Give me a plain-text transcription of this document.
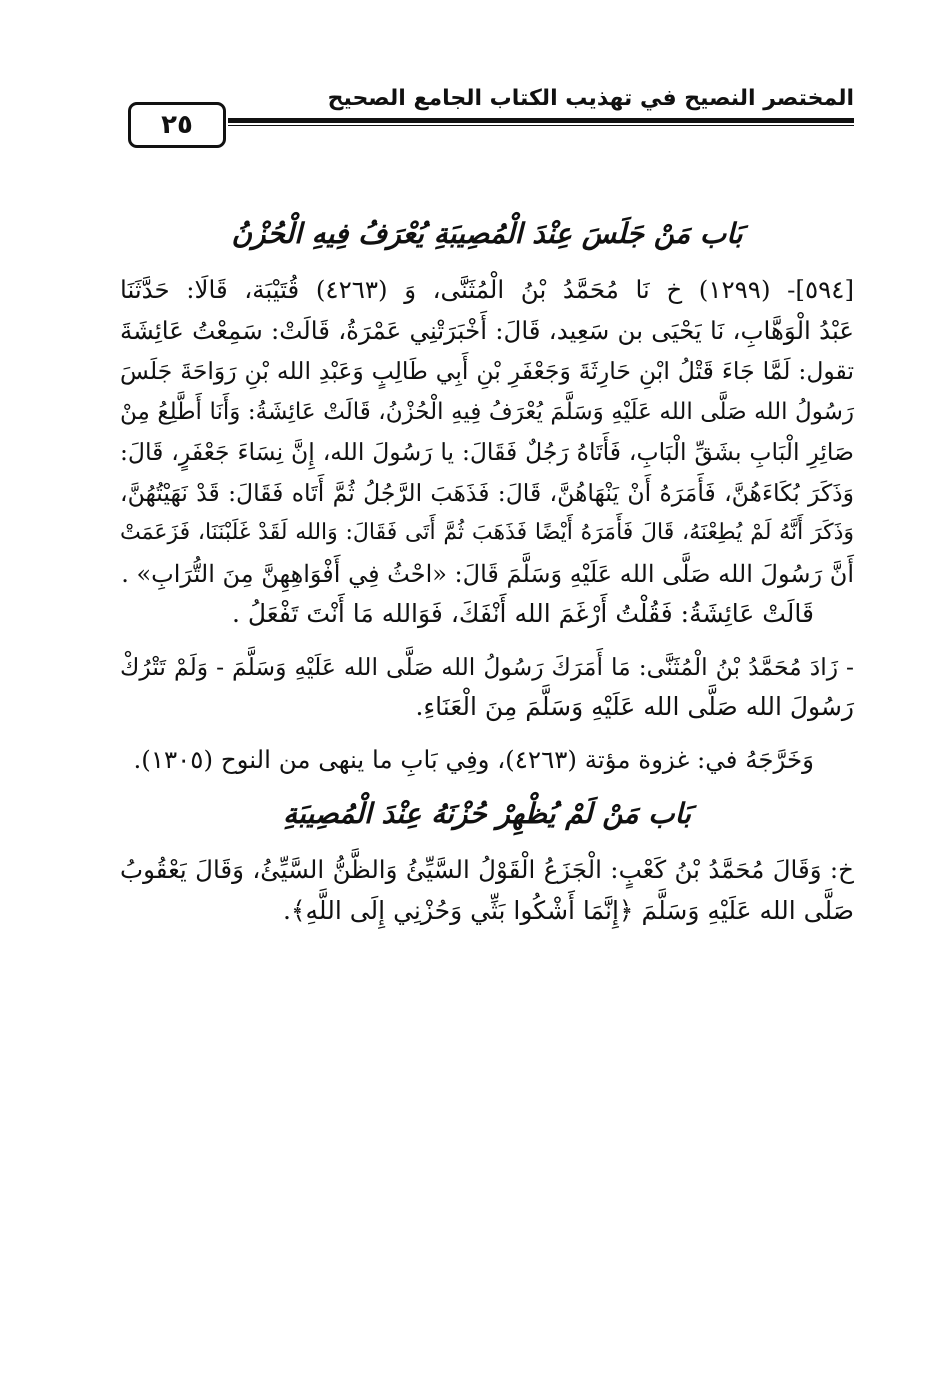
المختصر النصيح في تهذيب الكتاب الجامع الصحيح
٢٥
بَاب مَنْ جَلَسَ عِنْدَ الْمُصِيبَةِ يُعْرَفُ فِيهِ الْحُزْنُ
[٥٩٤]- (١٢٩٩) خ نَا مُحَمَّدُ بْنُ الْمُثَنَّى، وَ (٤٢٦٣) قُتَيْبَة، قَالَا: حَدَّثَنَا
عَبْدُ الْوَهَّابِ، نَا يَحْيَى بن سَعِيد، قَالَ: أَخْبَرَتْنِي عَمْرَةُ، قَالَتْ: سَمِعْتُ عَائِشَةَ
تقول: لَمَّا جَاءَ قَتْلُ ابْنِ حَارِثَةَ وَجَعْفَرِ بْنِ أَبِي طَالِبٍ وَعَبْدِ الله بْنِ رَوَاحَةَ جَلَسَ
رَسُولُ الله صَلَّى الله عَلَيْهِ وَسَلَّمَ يُعْرَفُ فِيهِ الْحُزْنُ، قَالَتْ عَائِشَةُ: وَأَنَا أَطَّلِعُ مِنْ
صَائِرِ الْبَابِ بشَقِّ الْبَابِ، فَأَتَاهُ رَجُلٌ فَقَالَ: يا رَسُولَ الله، إِنَّ نِسَاءَ جَعْفَرٍ، قَالَ:
وَذَكَرَ بُكَاءَهُنَّ، فَأَمَرَهُ أَنْ يَنْهَاهُنَّ، قَالَ: فَذَهَبَ الرَّجُلُ ثُمَّ أَتَاه فَقَالَ: قَدْ نَهَيْتُهُنَّ،
وَذَكَرَ أَنَّهُ لَمْ يُطِعْنَهُ، قَالَ فَأَمَرَهُ أَيْضًا فَذَهَبَ ثُمَّ أَتَى فَقَالَ: وَالله لَقَدْ غَلَبْنَنَا، فَزَعَمَتْ
أَنَّ رَسُولَ الله صَلَّى الله عَلَيْهِ وَسَلَّمَ قَالَ: «احْثُ فِي أَفْوَاهِهِنَّ مِنَ التُّرَابِ» .
قَالَتْ عَائِشَةُ: فَقُلْتُ أَرْغَمَ الله أَنْفَكَ، فَوَالله مَا أَنْتَ تَفْعَلُ .
- زَادَ مُحَمَّدُ بْنُ الْمُثَنَّى: مَا أَمَرَكَ رَسُولُ الله صَلَّى الله عَلَيْهِ وَسَلَّمَ - وَلَمْ تَتْرُكْ
رَسُولَ الله صَلَّى الله عَلَيْهِ وَسَلَّمَ مِنَ الْعَنَاءِ.
وَخَرَّجَهُ في: غزوة مؤتة (٤٢٦٣)، وفِي بَابِ ما ينهى من النوح (١٣٠٥).
بَاب مَنْ لَمْ يُظْهِرْ حُزْنَهُ عِنْدَ الْمُصِيبَةِ
خ: وَقَالَ مُحَمَّدُ بْنُ كَعْبٍ: الْجَزَعُ الْقَوْلُ السَّيِّئُ وَالظَّنُّ السَّيِّئُ، وَقَالَ يَعْقُوبُ
صَلَّى الله عَلَيْهِ وَسَلَّمَ ﴿إِنَّمَا أَشْكُوا بَثِّي وَحُزْنِي إِلَى اللَّهِ﴾.
